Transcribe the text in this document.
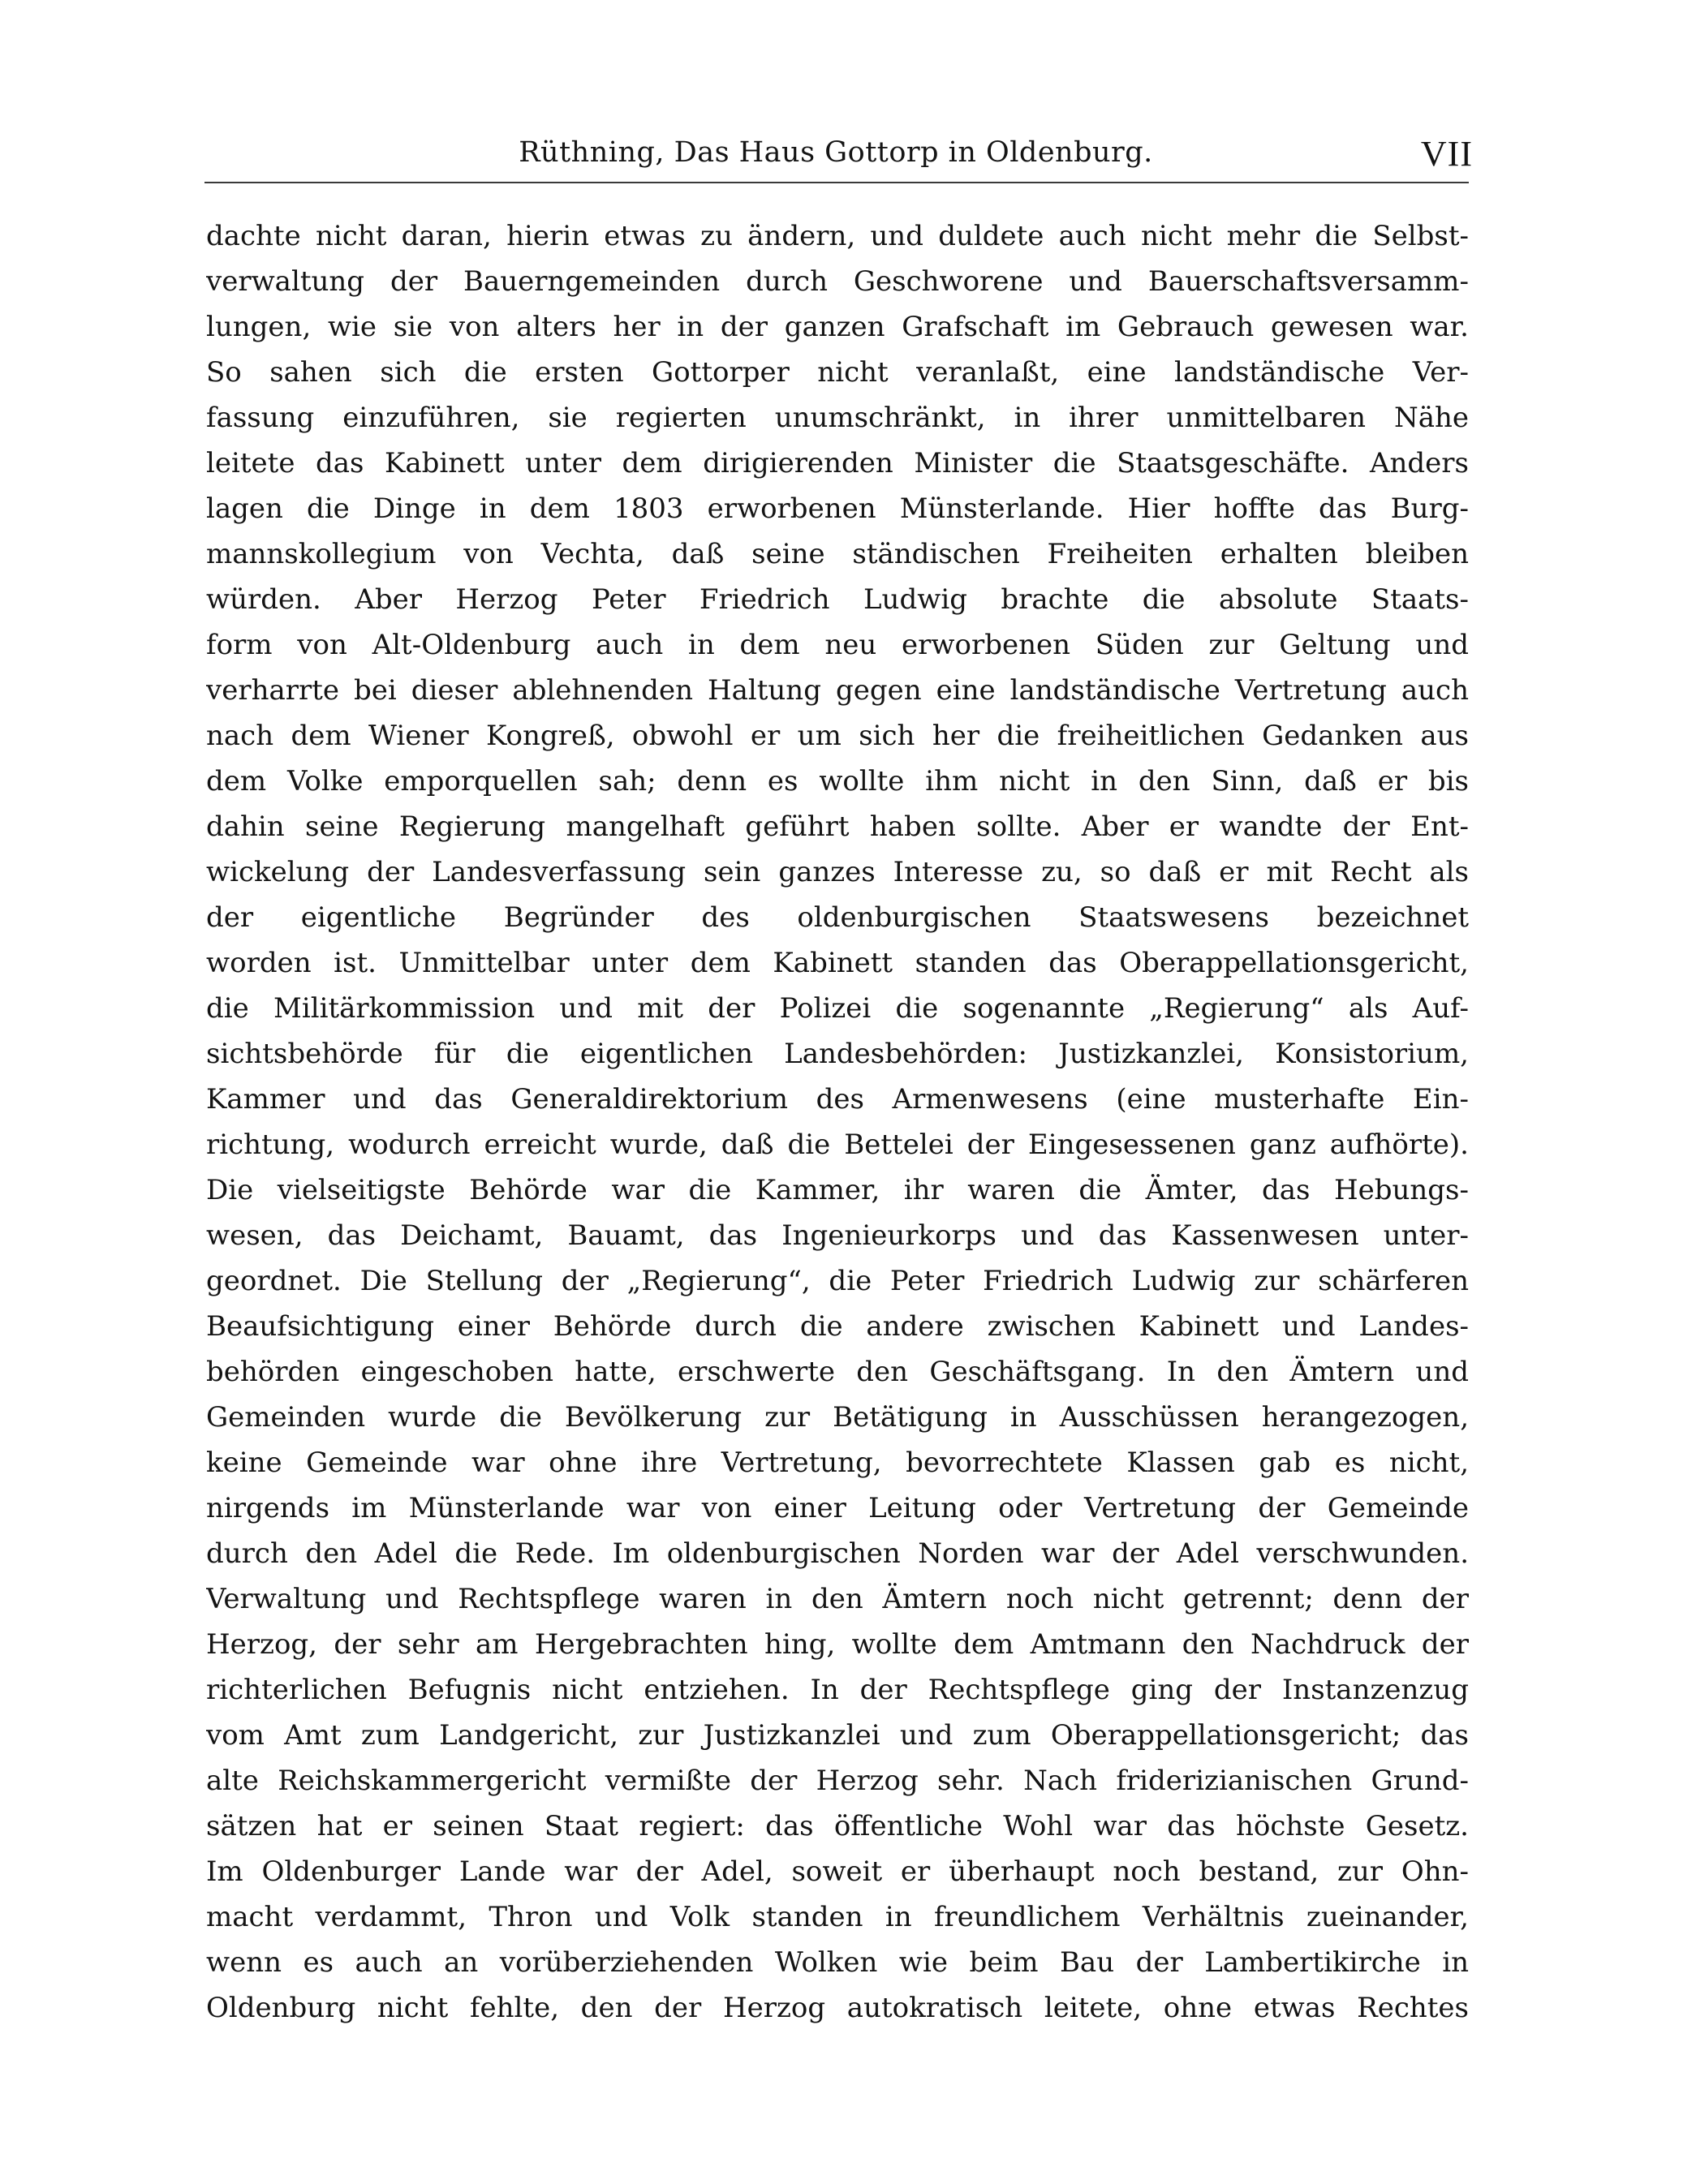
Rüthning, Das Haus Gottorp in Oldenburg.	VII
dachte nicht daran, hierin etwas zu ändern, und duldete auch nicht mehr die Selbst-
verwaltung der Bauerngemeinden durch Geschworene und Bauerschaftsversamm-
lungen, wie sie von alters her in der ganzen Grafschaft im Gebrauch gewesen war.
So sahen sich die ersten Gottorper nicht veranlaßt, eine landständische Ver-
fassung einzuführen, sie regierten unumschränkt, in ihrer unmittelbaren Nähe
leitete das Kabinett unter dem dirigierenden Minister die Staatsgeschäfte. Anders
lagen die Dinge in dem 1803 erworbenen Münsterlande. Hier hoffte das Burg-
mannskollegium von Vechta, daß seine ständischen Freiheiten erhalten bleiben
würden. Aber Herzog Peter Friedrich Ludwig brachte die absolute Staats-
form von Alt-Oldenburg auch in dem neu erworbenen Süden zur Geltung und
verharrte bei dieser ablehnenden Haltung gegen eine landständische Vertretung auch
nach dem Wiener Kongreß, obwohl er um sich her die freiheitlichen Gedanken aus
dem Volke emporquellen sah; denn es wollte ihm nicht in den Sinn, daß er bis
dahin seine Regierung mangelhaft geführt haben sollte. Aber er wandte der Ent-
wickelung der Landesverfassung sein ganzes Interesse zu, so daß er mit Recht als
der eigentliche Begründer des oldenburgischen Staatswesens bezeichnet
worden ist. Unmittelbar unter dem Kabinett standen das Oberappellationsgericht,
die Militärkommission und mit der Polizei die sogenannte „Regierung“ als Auf-
sichtsbehörde für die eigentlichen Landesbehörden: Justizkanzlei, Konsistorium,
Kammer und das Generaldirektorium des Armenwesens (eine musterhafte Ein-
richtung, wodurch erreicht wurde, daß die Bettelei der Eingesessenen ganz aufhörte).
Die vielseitigste Behörde war die Kammer, ihr waren die Ämter, das Hebungs-
wesen, das Deichamt, Bauamt, das Ingenieurkorps und das Kassenwesen unter-
geordnet. Die Stellung der „Regierung“, die Peter Friedrich Ludwig zur schärferen
Beaufsichtigung einer Behörde durch die andere zwischen Kabinett und Landes-
behörden eingeschoben hatte, erschwerte den Geschäftsgang. In den Ämtern und
Gemeinden wurde die Bevölkerung zur Betätigung in Ausschüssen herangezogen,
keine Gemeinde war ohne ihre Vertretung, bevorrechtete Klassen gab es nicht,
nirgends im Münsterlande war von einer Leitung oder Vertretung der Gemeinde
durch den Adel die Rede. Im oldenburgischen Norden war der Adel verschwunden.
Verwaltung und Rechtspflege waren in den Ämtern noch nicht getrennt; denn der
Herzog, der sehr am Hergebrachten hing, wollte dem Amtmann den Nachdruck der
richterlichen Befugnis nicht entziehen. In der Rechtspflege ging der Instanzenzug
vom Amt zum Landgericht, zur Justizkanzlei und zum Oberappellationsgericht; das
alte Reichskammergericht vermißte der Herzog sehr. Nach friderizianischen Grund-
sätzen hat er seinen Staat regiert: das öffentliche Wohl war das höchste Gesetz.
Im Oldenburger Lande war der Adel, soweit er überhaupt noch bestand, zur Ohn-
macht verdammt, Thron und Volk standen in freundlichem Verhältnis zueinander,
wenn es auch an vorüberziehenden Wolken wie beim Bau der Lambertikirche in
Oldenburg nicht fehlte, den der Herzog autokratisch leitete, ohne etwas Rechtes
